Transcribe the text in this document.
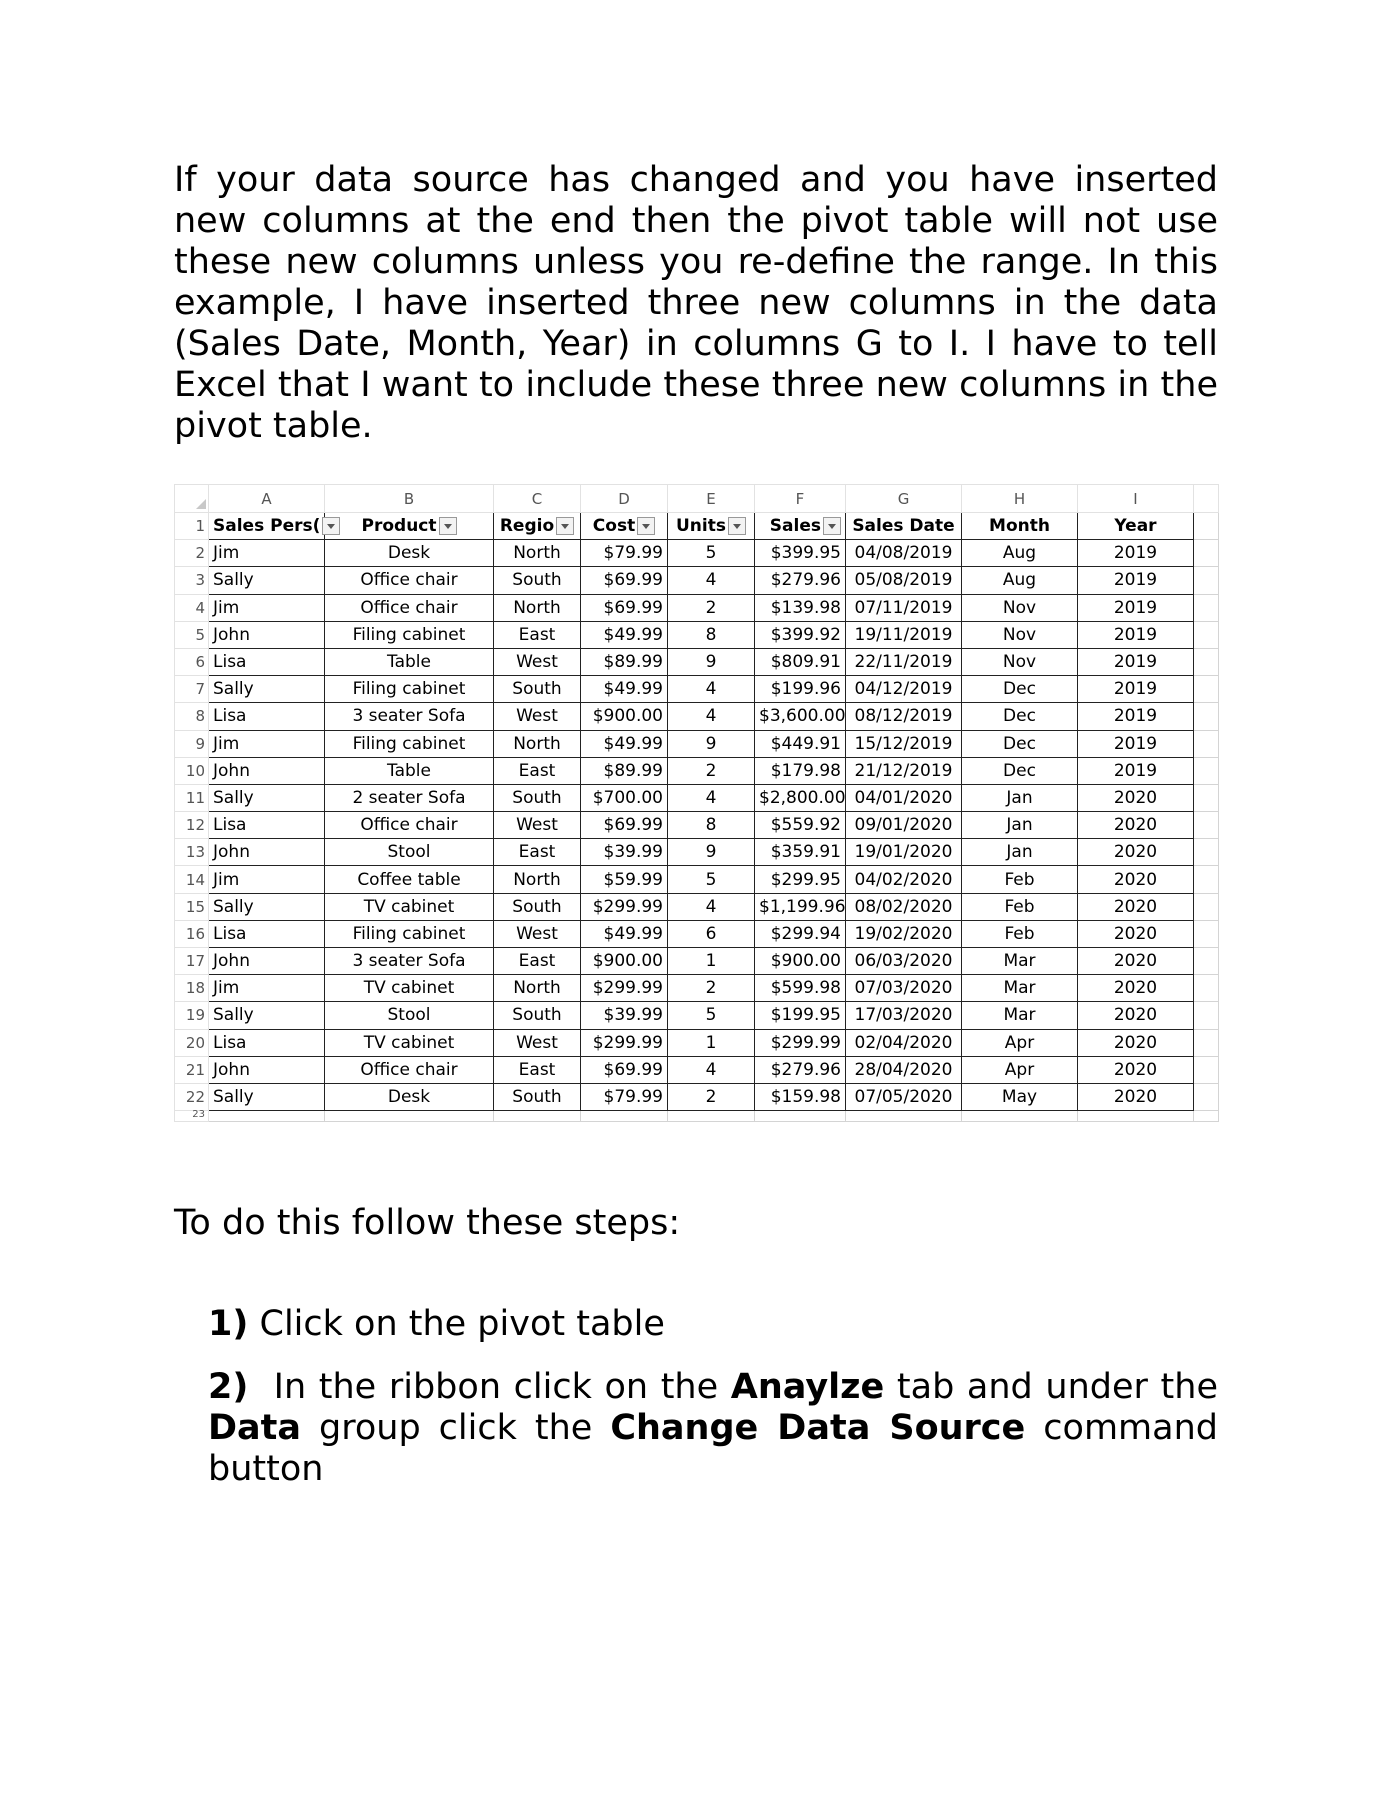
If your data source has changed and you have inserted new columns at the end then the pivot table will not use these new columns unless you re-define the range. In this example, I have inserted three new columns in the data (Sales Date, Month, Year) in columns G to I. I have to tell Excel that I want to include these three new columns in the pivot table.

	A	B	C	D	E	F	G	H	I	
1	Sales Pers(	Product	Regio	Cost	Units	Sales	Sales Date	Month	Year	

2	Jim	Desk	North	$79.99	5	$399.95	04/08/2019	Aug	2019	
3	Sally	Office chair	South	$69.99	4	$279.96	05/08/2019	Aug	2019	
4	Jim	Office chair	North	$69.99	2	$139.98	07/11/2019	Nov	2019	
5	John	Filing cabinet	East	$49.99	8	$399.92	19/11/2019	Nov	2019	
6	Lisa	Table	West	$89.99	9	$809.91	22/11/2019	Nov	2019	
7	Sally	Filing cabinet	South	$49.99	4	$199.96	04/12/2019	Dec	2019	
8	Lisa	3 seater Sofa	West	$900.00	4	$3,600.00	08/12/2019	Dec	2019	
9	Jim	Filing cabinet	North	$49.99	9	$449.91	15/12/2019	Dec	2019	
10	John	Table	East	$89.99	2	$179.98	21/12/2019	Dec	2019	
11	Sally	2 seater Sofa	South	$700.00	4	$2,800.00	04/01/2020	Jan	2020	
12	Lisa	Office chair	West	$69.99	8	$559.92	09/01/2020	Jan	2020	
13	John	Stool	East	$39.99	9	$359.91	19/01/2020	Jan	2020	
14	Jim	Coffee table	North	$59.99	5	$299.95	04/02/2020	Feb	2020	
15	Sally	TV cabinet	South	$299.99	4	$1,199.96	08/02/2020	Feb	2020	
16	Lisa	Filing cabinet	West	$49.99	6	$299.94	19/02/2020	Feb	2020	
17	John	3 seater Sofa	East	$900.00	1	$900.00	06/03/2020	Mar	2020	
18	Jim	TV cabinet	North	$299.99	2	$599.98	07/03/2020	Mar	2020	
19	Sally	Stool	South	$39.99	5	$199.95	17/03/2020	Mar	2020	
20	Lisa	TV cabinet	West	$299.99	1	$299.99	02/04/2020	Apr	2020	
21	John	Office chair	East	$69.99	4	$279.96	28/04/2020	Apr	2020	
22	Sally	Desk	South	$79.99	2	$159.98	07/05/2020	May	2020	
23										

To do this follow these steps:

1) Click on the pivot table

2) In the ribbon click on the Anaylze tab and under the Data group click the Change Data Source command button
